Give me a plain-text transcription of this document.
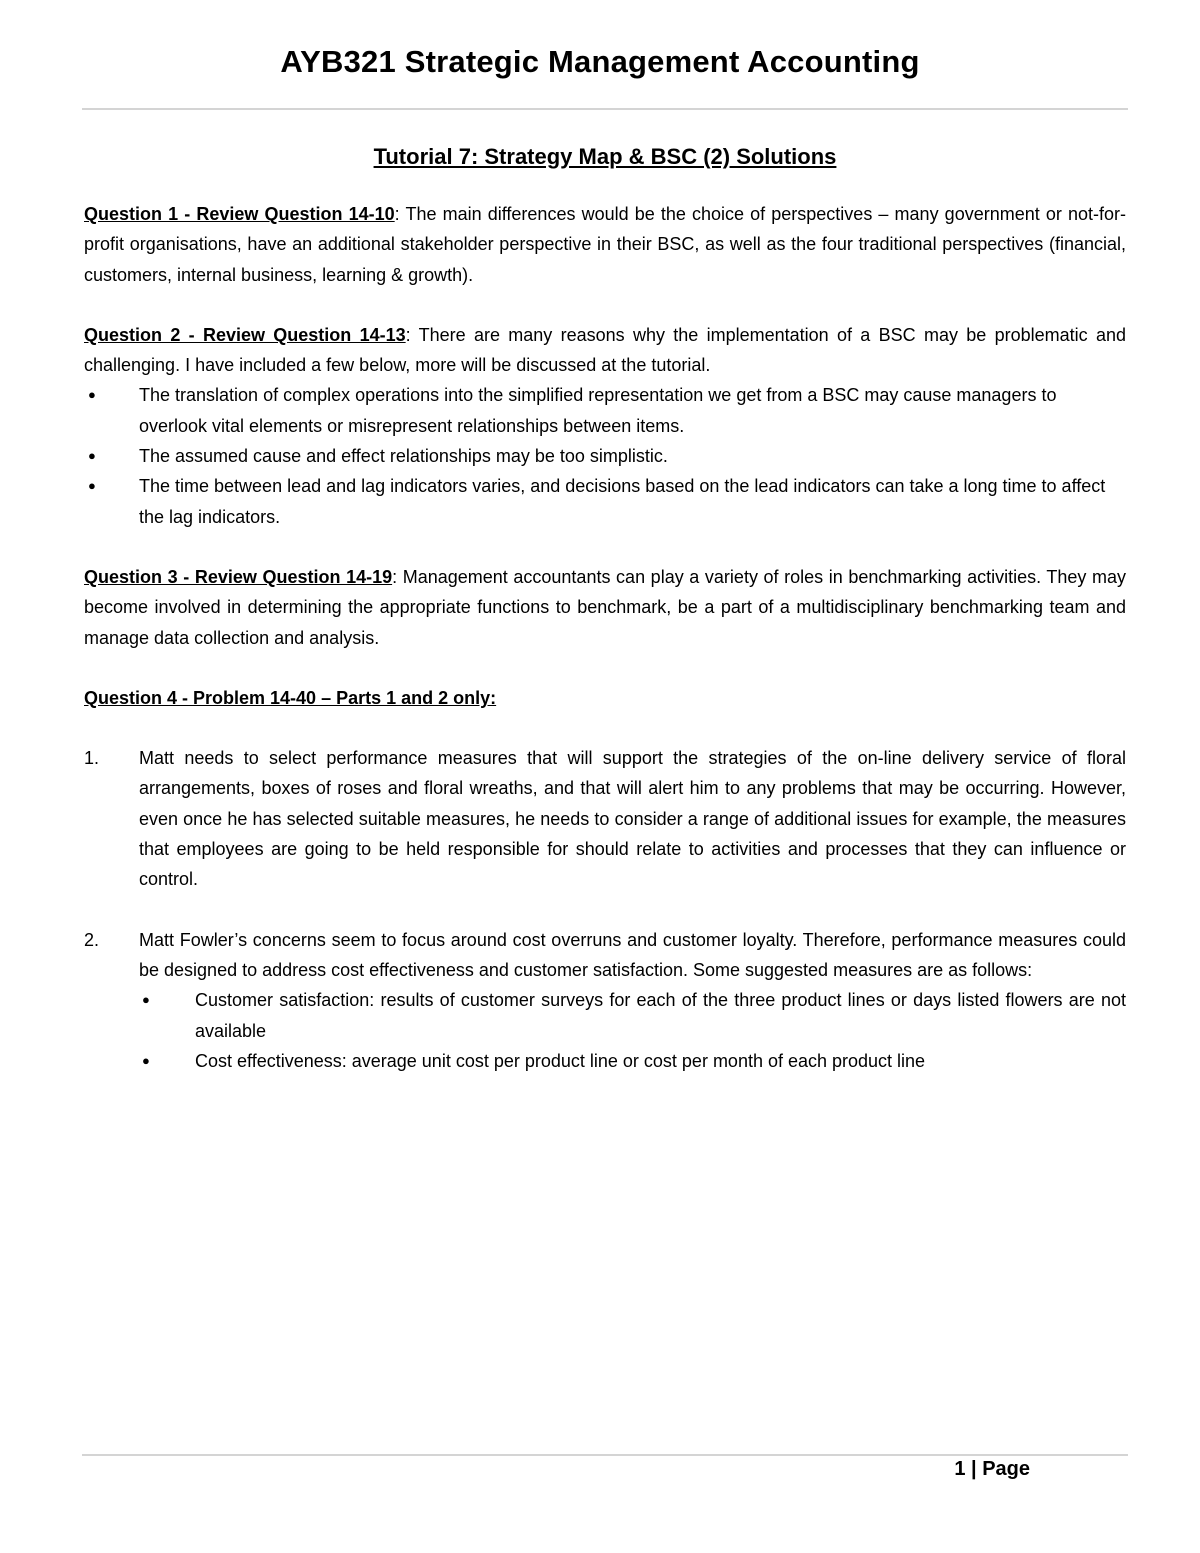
AYB321 Strategic Management Accounting

Tutorial 7: Strategy Map & BSC (2) Solutions

Question 1 - Review Question 14-10: The main differences would be the choice of perspectives – many government or not-for-profit organisations, have an additional stakeholder perspective in their BSC, as well as the four traditional perspectives (financial, customers, internal business, learning & growth).

Question 2 - Review Question 14-13: There are many reasons why the implementation of a BSC may be problematic and challenging. I have included a few below, more will be discussed at the tutorial.

● The translation of complex operations into the simplified representation we get from a BSC may cause managers to overlook vital elements or misrepresent relationships between items.
● The assumed cause and effect relationships may be too simplistic.
● The time between lead and lag indicators varies, and decisions based on the lead indicators can take a long time to affect the lag indicators.

Question 3 - Review Question 14-19: Management accountants can play a variety of roles in benchmarking activities. They may become involved in determining the appropriate functions to benchmark, be a part of a multidisciplinary benchmarking team and manage data collection and analysis.

Question 4 - Problem 14-40 – Parts 1 and 2 only:

1. Matt needs to select performance measures that will support the strategies of the on-line delivery service of floral arrangements, boxes of roses and floral wreaths, and that will alert him to any problems that may be occurring. However, even once he has selected suitable measures, he needs to consider a range of additional issues for example, the measures that employees are going to be held responsible for should relate to activities and processes that they can influence or control.

2. Matt Fowler’s concerns seem to focus around cost overruns and customer loyalty. Therefore, performance measures could be designed to address cost effectiveness and customer satisfaction. Some suggested measures are as follows:

●	Customer satisfaction: results of customer surveys for each of the three product lines or days listed flowers are not available
●	Cost effectiveness: average unit cost per product line or cost per month of each product line
1 | Page
